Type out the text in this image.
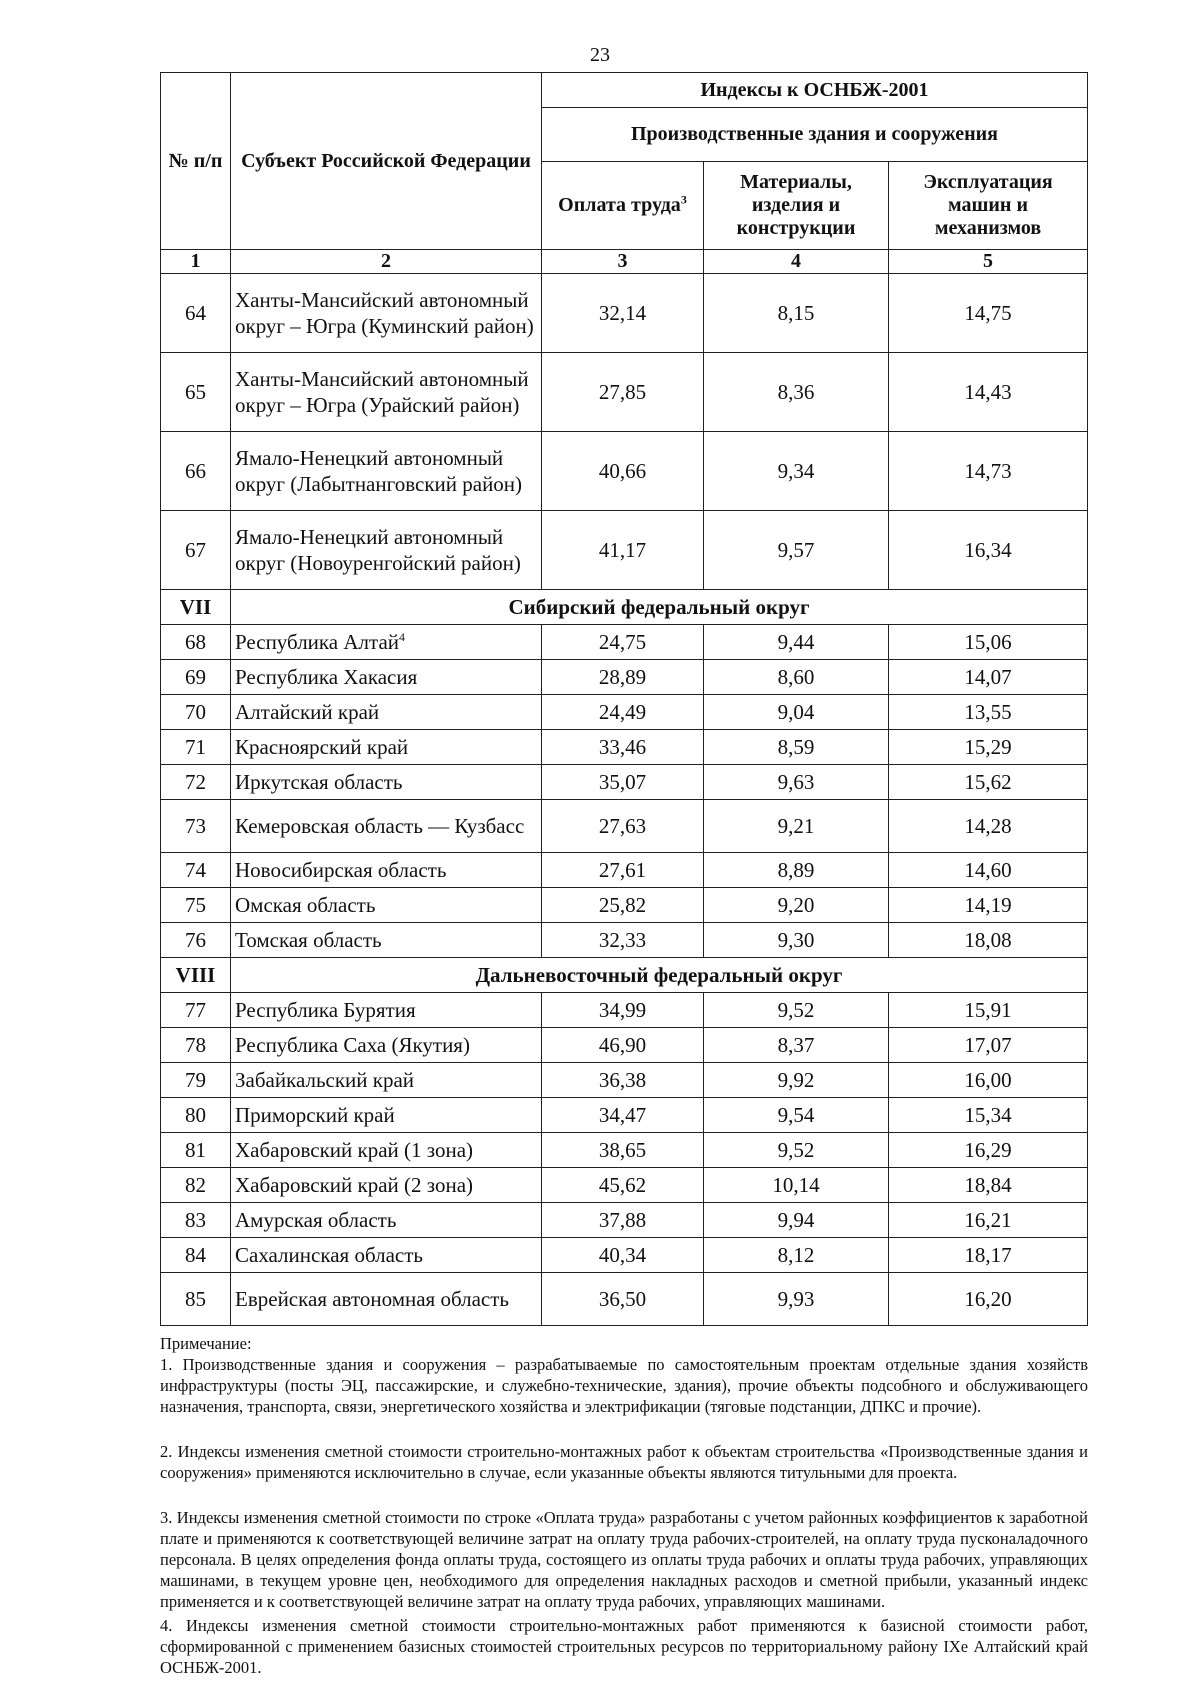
23
№ п/п	Субъект Российской Федерации	Индексы к ОСНБЖ-2001		
		Производственные здания и сооружения		
		Оплата труда$^3$	Материалы, изделия и конструкции	Эксплуатация машин и механизмов
1	2	3	4	5
64	Ханты-Мансийский автономный округ – Югра (Куминский район)	32,14	8,15	14,75
65	Ханты-Мансийский автономный округ – Югра (Урайский район)	27,85	8,36	14,43
66	Ямало-Ненецкий автономный округ (Лабытнанговский район)	40,66	9,34	14,73
67	Ямало-Ненецкий автономный округ (Новоуренгойский район)	41,17	9,57	16,34
VII	Сибирский федеральный округ			
68	Республика Алтай$^4$	24,75	9,44	15,06
69	Республика Хакасия	28,89	8,60	14,07
70	Алтайский край	24,49	9,04	13,55
71	Красноярский край	33,46	8,59	15,29
72	Иркутская область	35,07	9,63	15,62
73	Кемеровская область — Кузбасс	27,63	9,21	14,28
74	Новосибирская область	27,61	8,89	14,60
75	Омская область	25,82	9,20	14,19
76	Томская область	32,33	9,30	18,08
VIII	Дальневосточный федеральный округ			
77	Республика Бурятия	34,99	9,52	15,91
78	Республика Саха (Якутия)	46,90	8,37	17,07
79	Забайкальский край	36,38	9,92	16,00
80	Приморский край	34,47	9,54	15,34
81	Хабаровский край (1 зона)	38,65	9,52	16,29
82	Хабаровский край (2 зона)	45,62	10,14	18,84
83	Амурская область	37,88	9,94	16,21
84	Сахалинская область	40,34	8,12	18,17
85	Еврейская автономная область	36,50	9,93	16,20
Примечание:
1. Производственные здания и сооружения – разрабатываемые по самостоятельным проектам отдельные здания хозяйств инфраструктуры (посты ЭЦ, пассажирские, и служебно-технические, здания), прочие объекты подсобного и обслуживающего назначения, транспорта, связи, энергетического хозяйства и электрификации (тяговые подстанции, ДПКС и прочие).
2. Индексы изменения сметной стоимости строительно-монтажных работ к объектам строительства «Производственные здания и сооружения» применяются исключительно в случае, если указанные объекты являются титульными для проекта.
3. Индексы изменения сметной стоимости по строке «Оплата труда» разработаны с учетом районных коэффициентов к заработной плате и применяются к соответствующей величине затрат на оплату труда рабочих-строителей, на оплату труда пусконаладочного персонала. В целях определения фонда оплаты труда, состоящего из оплаты труда рабочих и оплаты труда рабочих, управляющих машинами, в текущем уровне цен, необходимого для определения накладных расходов и сметной прибыли, указанный индекс применяется и к соответствующей величине затрат на оплату труда рабочих, управляющих машинами.
4. Индексы изменения сметной стоимости строительно-монтажных работ применяются к базисной стоимости работ, сформированной с применением базисных стоимостей строительных ресурсов по территориальному району IXе Алтайский край ОСНБЖ-2001.
